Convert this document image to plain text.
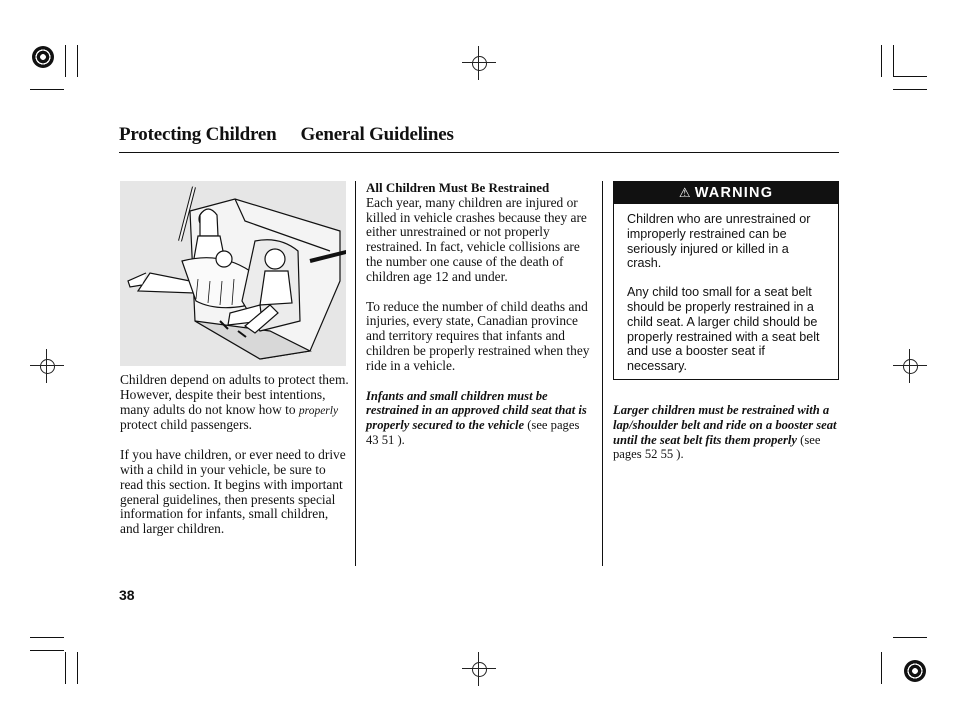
Protecting Children General Guidelines

Children depend on adults to protect them. However, despite their best intentions, many adults do not know how to properly protect child passengers.

If you have children, or ever need to drive with a child in your vehicle, be sure to read this section. It begins with important general guidelines, then presents special information for infants, small children, and larger children.

All Children Must Be Restrained

Each year, many children are injured or killed in vehicle crashes because they are either unrestrained or not properly restrained. In fact, vehicle collisions are the number one cause of the death of children age 12 and under.

To reduce the number of child deaths and injuries, every state, Canadian province and territory requires that infants and children be properly restrained when they ride in a vehicle.

Infants and small children must be restrained in an approved child seat that is properly secured to the vehicle (see pages 43 51 ).

⚠ WARNING

Children who are unrestrained or improperly restrained can be seriously injured or killed in a crash.

Any child too small for a seat belt should be properly restrained in a child seat. A larger child should be properly restrained with a seat belt and use a booster seat if necessary.

Larger children must be restrained with a lap/shoulder belt and ride on a booster seat until the seat belt fits them properly (see pages 52 55 ).

38
